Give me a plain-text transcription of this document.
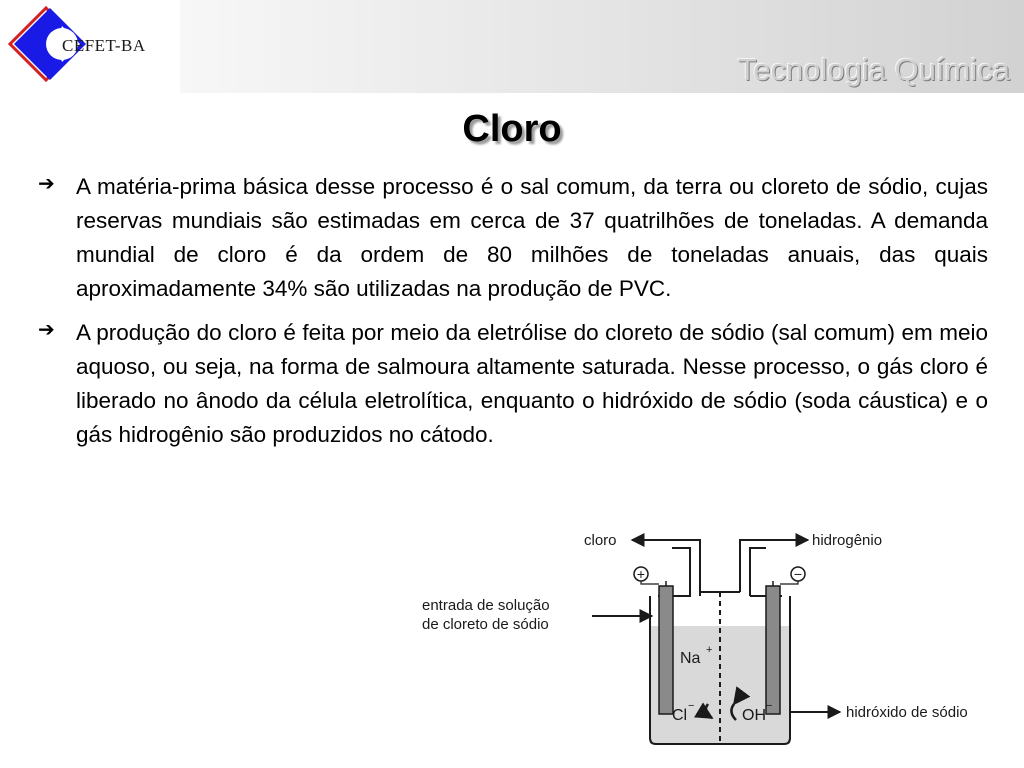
CEFET-BA
Tecnologia Química
Cloro
➔ A matéria-prima básica desse processo é o sal comum, da terra ou cloreto de sódio, cujas reservas mundiais são estimadas em cerca de 37 quatrilhões de toneladas. A demanda mundial de cloro é da ordem de 80 milhões de toneladas anuais, das quais aproximadamente 34% são utilizadas na produção de PVC.
➔ A produção do cloro é feita por meio da eletrólise do cloreto de sódio (sal comum) em meio aquoso, ou seja, na forma de salmoura altamente saturada. Nesse processo, o gás cloro é liberado no ânodo da célula eletrolítica, enquanto o hidróxido de sódio (soda cáustica) e o gás hidrogênio são produzidos no cátodo.
+	−
cloro	hidrogênio
entrada de solução
de cloreto de sódio
Na +
Cl
−
OH
−	hidróxido de sódio
